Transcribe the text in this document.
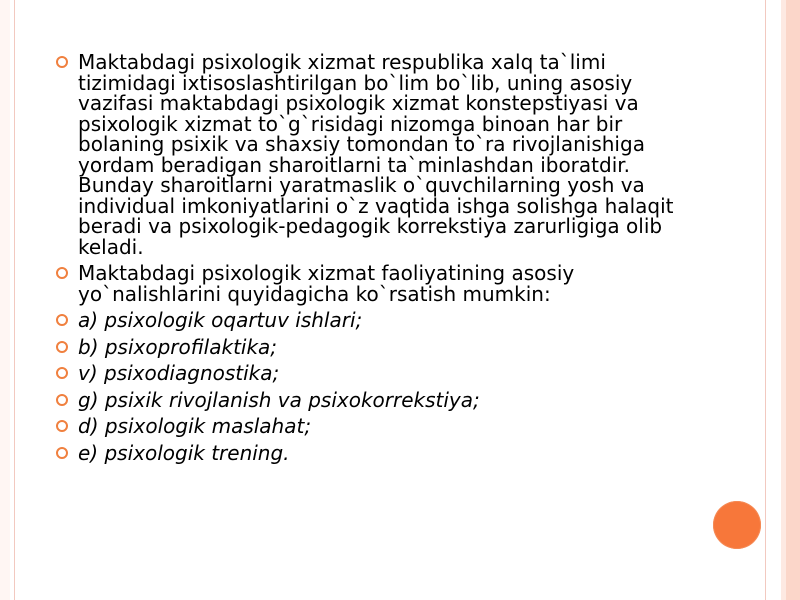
Maktabdagi psixologik xizmat respublika xalq ta`limi tizimidagi ixtisoslashtirilgan bo`lim bo`lib, uning asosiy vazifasi maktabdagi psixologik xizmat konstepstiyasi va psixologik xizmat to`g`risidagi nizomga binoan har bir bolaning psixik va shaxsiy tomondan to`ra rivojlanishiga yordam beradigan sharoitlarni ta`minlashdan iboratdir. Bunday sharoitlarni yaratmaslik o`quvchilarning yosh va individual imkoniyatlarini o`z vaqtida ishga solishga halaqit beradi va psixologik-pedagogik korrekstiya zarurligiga olib keladi.
Maktabdagi psixologik xizmat faoliyatining asosiy yo`nalishlarini quyidagicha ko`rsatish mumkin:
a) psixologik oqartuv ishlari;
b) psixoprofilaktika;
v) psixodiagnostika;
g) psixik rivojlanish va psixokorrekstiya;
d) psixologik maslahat;
e) psixologik trening.
